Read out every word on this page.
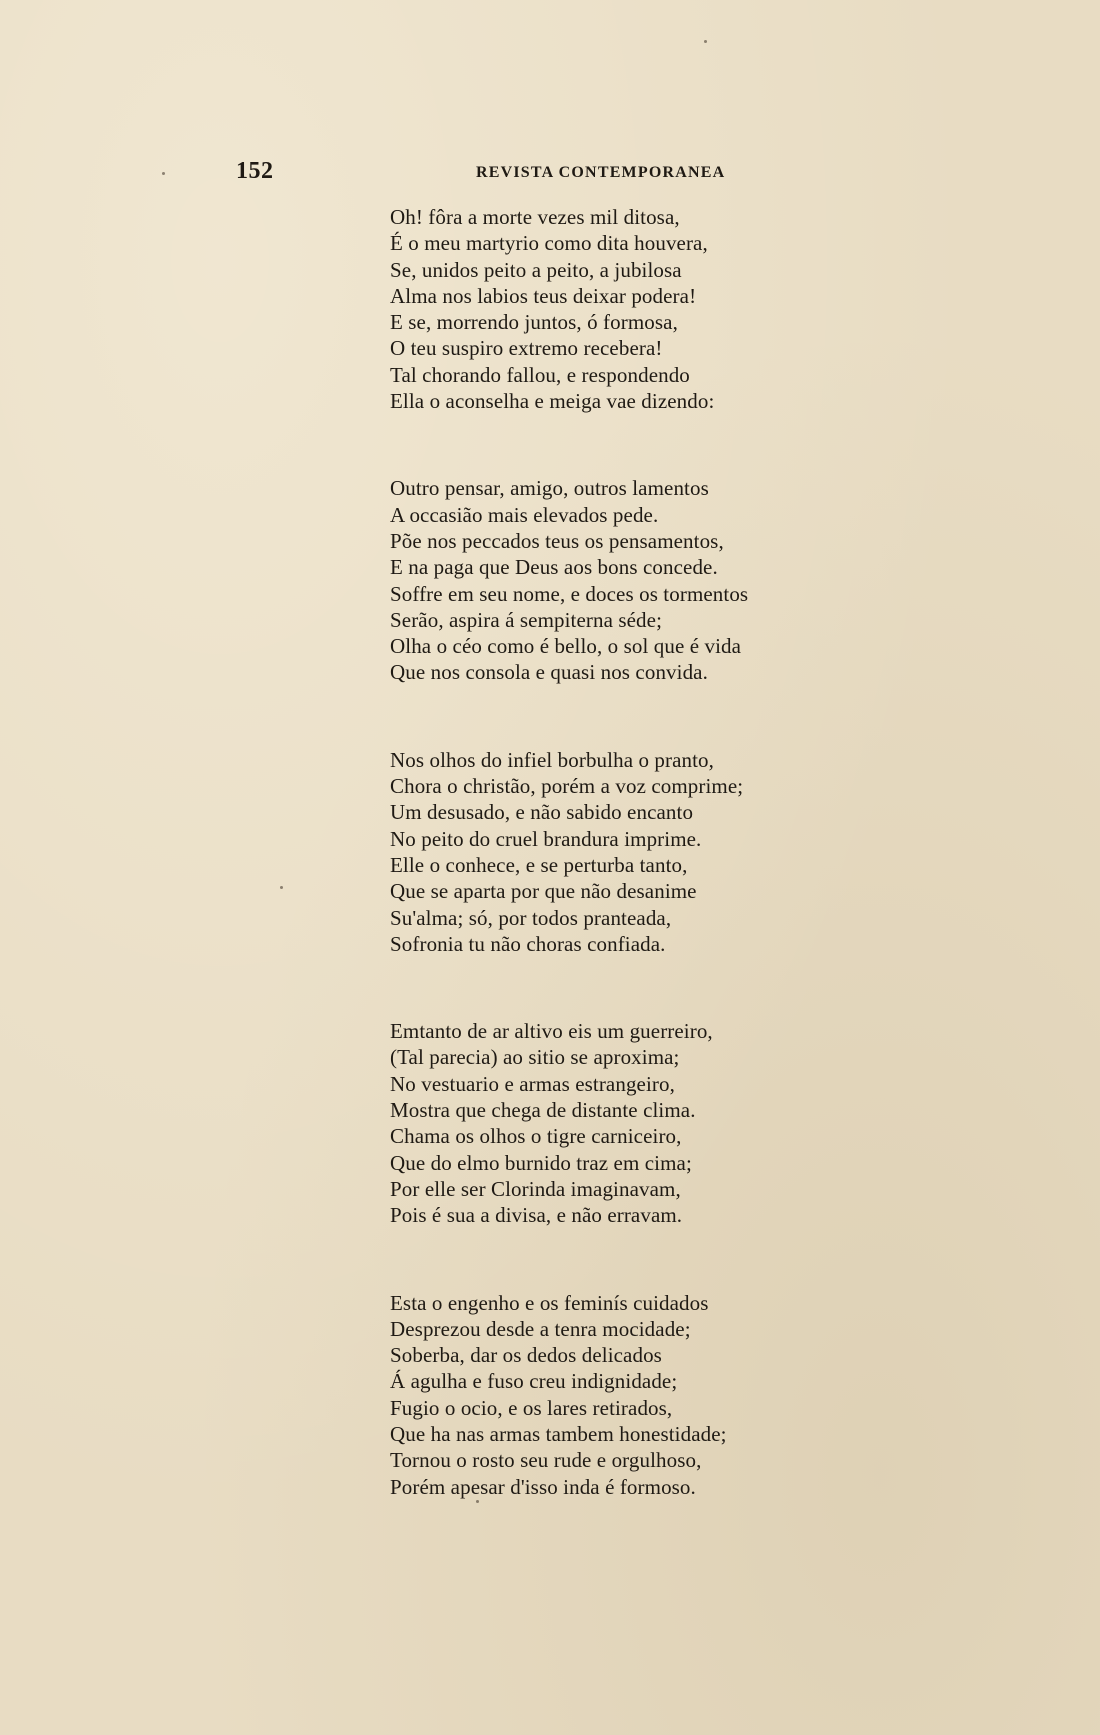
152	REVISTA CONTEMPORANEA
Oh! fôra a morte vezes mil ditosa,
É o meu martyrio como dita houvera,
Se, unidos peito a peito, a jubilosa
Alma nos labios teus deixar podera!
E se, morrendo juntos, ó formosa,
O teu suspiro extremo recebera!
Tal chorando fallou, e respondendo
Ella o aconselha e meiga vae dizendo:
Outro pensar, amigo, outros lamentos
A occasião mais elevados pede.
Põe nos peccados teus os pensamentos,
E na paga que Deus aos bons concede.
Soffre em seu nome, e doces os tormentos
Serão, aspira á sempiterna séde;
Olha o céo como é bello, o sol que é vida
Que nos consola e quasi nos convida.
Nos olhos do infiel borbulha o pranto,
Chora o christão, porém a voz comprime;
Um desusado, e não sabido encanto
No peito do cruel brandura imprime.
Elle o conhece, e se perturba tanto,
Que se aparta por que não desanime
Su'alma; só, por todos pranteada,
Sofronia tu não choras confiada.
Emtanto de ar altivo eis um guerreiro,
(Tal parecia) ao sitio se aproxima;
No vestuario e armas estrangeiro,
Mostra que chega de distante clima.
Chama os olhos o tigre carniceiro,
Que do elmo burnido traz em cima;
Por elle ser Clorinda imaginavam,
Pois é sua a divisa, e não erravam.
Esta o engenho e os feminís cuidados
Desprezou desde a tenra mocidade;
Soberba, dar os dedos delicados
Á agulha e fuso creu indignidade;
Fugio o ocio, e os lares retirados,
Que ha nas armas tambem honestidade;
Tornou o rosto seu rude e orgulhoso,
Porém apesar d'isso inda é formoso.
